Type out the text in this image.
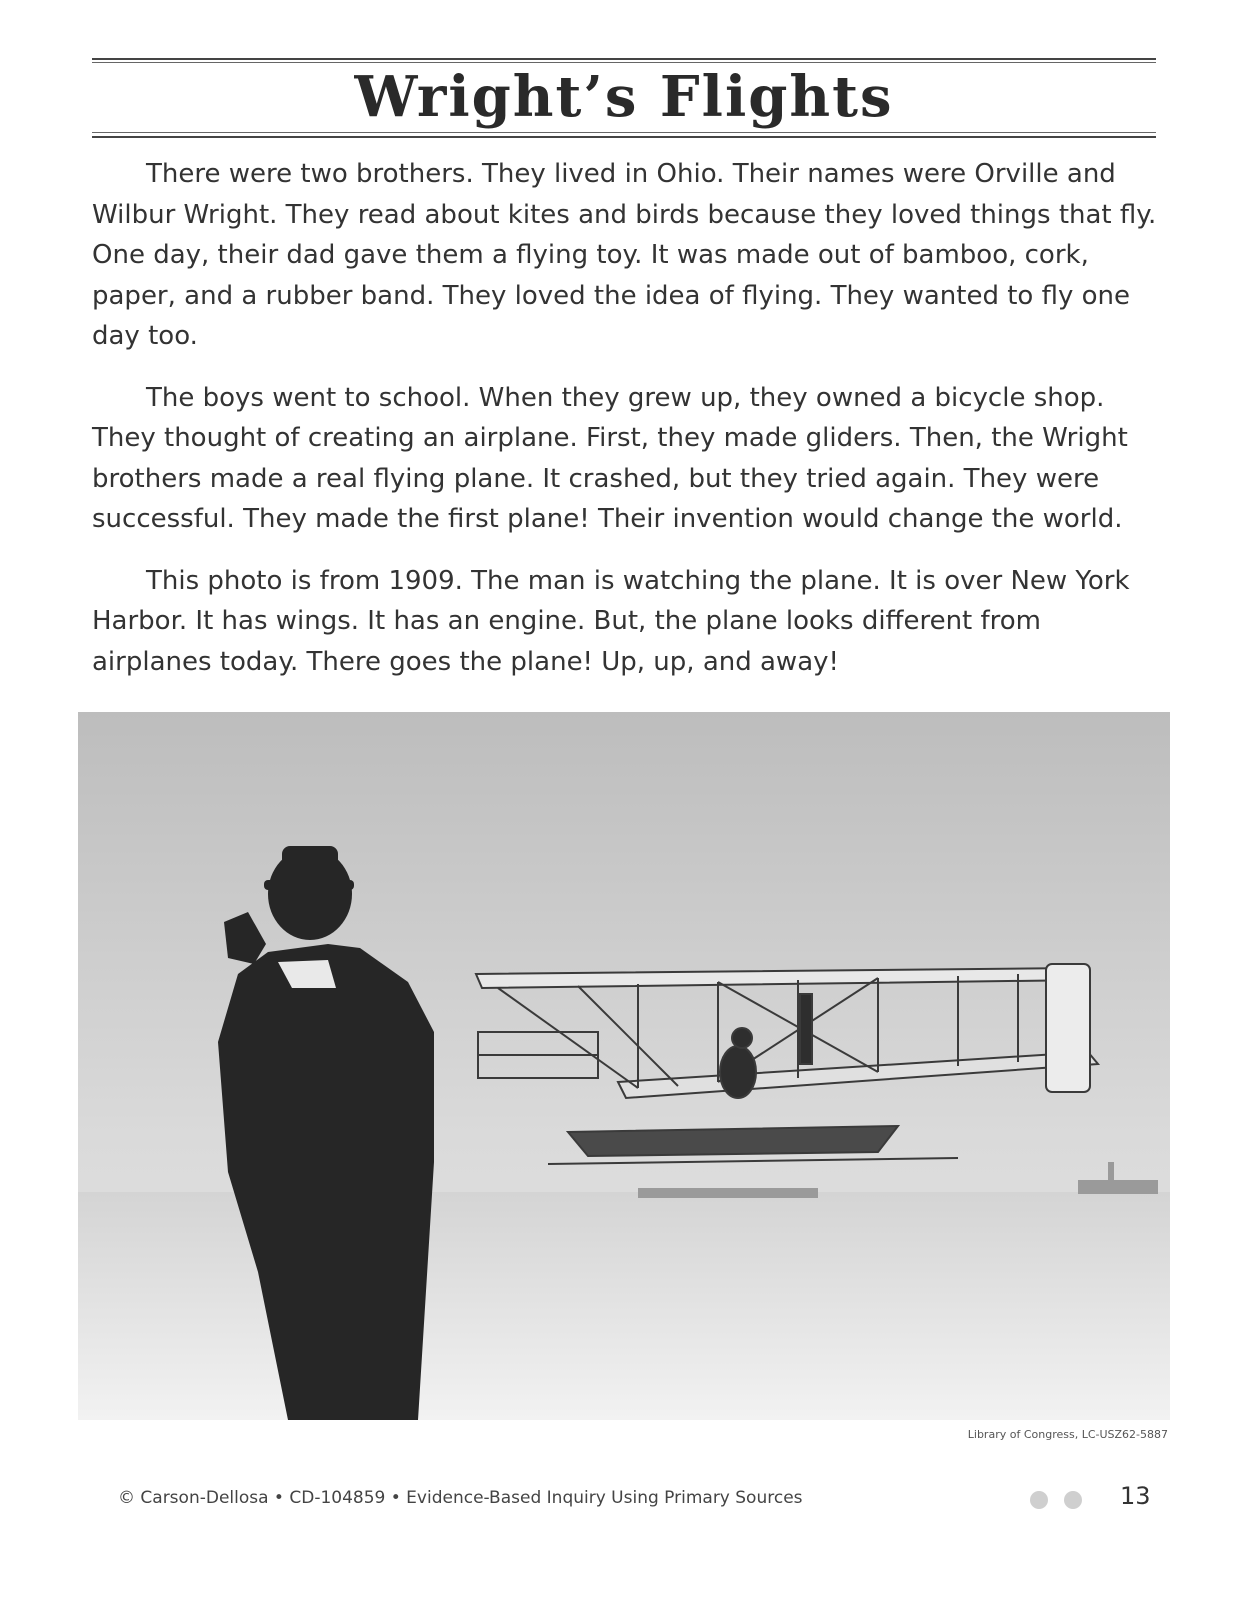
Wright’s Flights

There were two brothers. They lived in Ohio. Their names were Orville and Wilbur Wright. They read about kites and birds because they loved things that fly. One day, their dad gave them a flying toy. It was made out of bamboo, cork, paper, and a rubber band. They loved the idea of flying. They wanted to fly one day too.

The boys went to school. When they grew up, they owned a bicycle shop. They thought of creating an airplane. First, they made gliders. Then, the Wright brothers made a real flying plane. It crashed, but they tried again. They were successful. They made the first plane! Their invention would change the world.

This photo is from 1909. The man is watching the plane. It is over New York Harbor. It has wings. It has an engine. But, the plane looks different from airplanes today. There goes the plane! Up, up, and away!

Library of Congress, LC-USZ62-5887
© Carson-Dellosa • CD-104859 • Evidence-Based Inquiry Using Primary Sources	13
